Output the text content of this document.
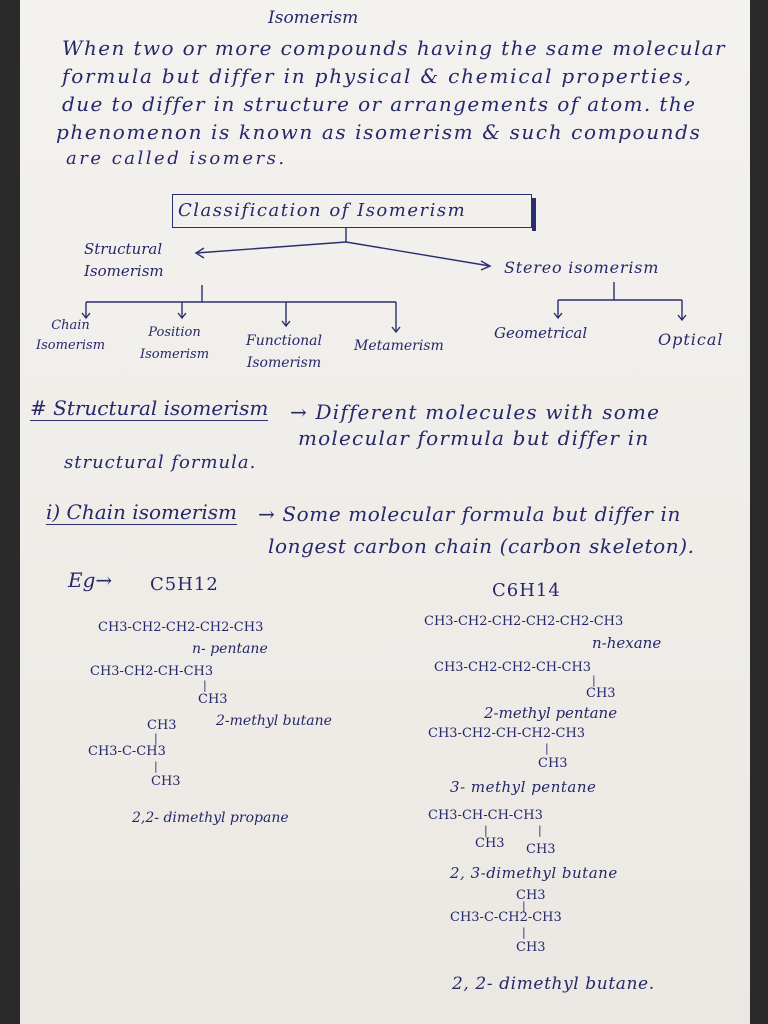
Isomerism
When two or more compounds having the same molecular
formula but differ in physical & chemical properties,
due to differ in structure or arrangements of atom. the
phenomenon is known as isomerism & such compounds
are called isomers.
Classification of Isomerism
Structural
Isomerism	Stereo isomerism
Chain
Isomerism
Position
Isomerism
Functional
Isomerism
Metamerism
Geometrical	Optical
# Structural isomerism → Different molecules with some
molecular formula but differ in
structural formula.
i) Chain isomerism → Some molecular formula but differ in
longest carbon chain (carbon skeleton).
Eg→ C5H12	C6H14
CH3-CH2-CH2-CH2-CH3
n- pentane
CH3-CH2-CH-CH3
|
CH3
2-methyl butane
CH3
|
CH3-C-CH3
|
CH3
2,2- dimethyl propane
CH3-CH2-CH2-CH2-CH2-CH3
n-hexane
CH3-CH2-CH2-CH-CH3
|
CH3
2-methyl pentane
CH3-CH2-CH-CH2-CH3
|
CH3
3- methyl pentane
CH3-CH-CH-CH3
|	|
CH3 CH3
2, 3-dimethyl butane
CH3
|
CH3-C-CH2-CH3
|
CH3
2, 2- dimethyl butane.
